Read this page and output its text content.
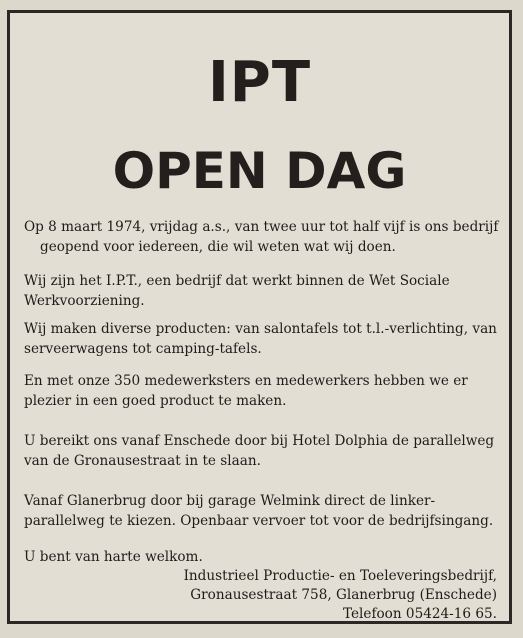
IPT
OPEN DAG

Op 8 maart 1974, vrijdag a.s., van twee uur tot half vijf is ons bedrijf
geopend voor iedereen, die wil weten wat wij doen.

Wij zijn het I.P.T., een bedrijf dat werkt binnen de Wet Sociale
Werkvoorziening.

Wij maken diverse producten: van salontafels tot t.l.-verlichting, van
serveerwagens tot camping-tafels.

En met onze 350 medewerksters en medewerkers hebben we er
plezier in een goed product te maken.

U bereikt ons vanaf Enschede door bij Hotel Dolphia de parallelweg
van de Gronausestraat in te slaan.

Vanaf Glanerbrug door bij garage Welmink direct de linker-
parallelweg te kiezen. Openbaar vervoer tot voor de bedrijfsingang.

U bent van harte welkom.
Industrieel Productie- en Toeleveringsbedrijf,
Gronausestraat 758, Glanerbrug (Enschede)
Telefoon 05424-16 65.
